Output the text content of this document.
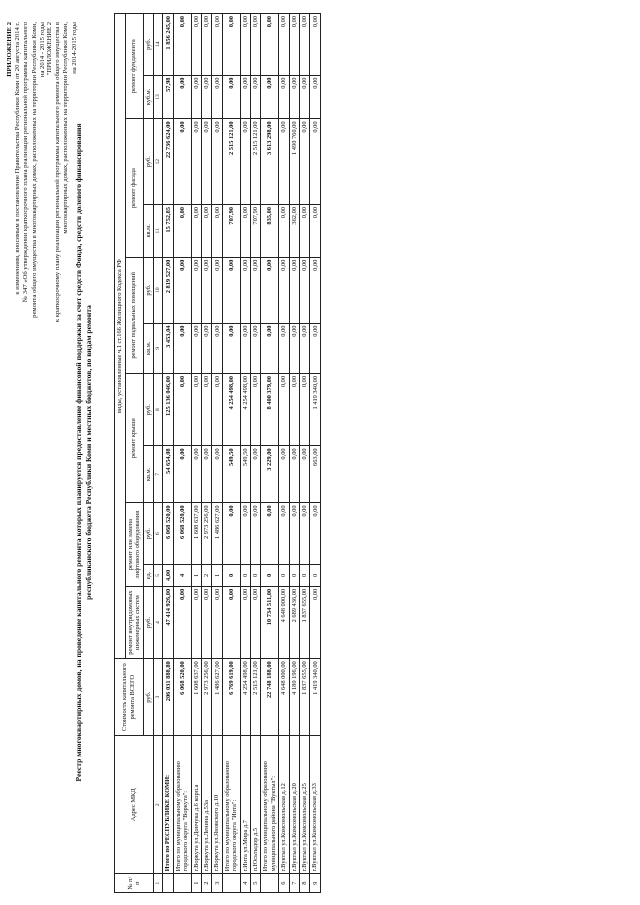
ПРИЛОЖЕНИЕ 2 к изменениям, вносимым в постановление Правительства Республики Коми от 20 августа 2014 г. № 347 «Об утверждении краткосрочного плана реализации региональной программы капитального ремонта общего имущества в многоквартирных домах, расположенных на территории Республики Коми, на 2014 - 2015 годы "ПРИЛОЖЕНИЕ 2 к краткосрочному плану реализации региональной программы капитального ремонта общего имущества в многоквартирных домах, расположенных на территории Республики Коми, на 2014-2015 годы
Реестр многоквартирных домов, на проведение капитального ремонта которых планируется предоставление финансовой поддержки за счет средств Фонда, средств долевого финансирования республиканского бюджета Республики Коми и местных бюджетов, по видам ремонта
№ п/п	Адрес МКД	Стоимость капитального ремонта ВСЕГО	виды, установленные ч.1 ст.166 Жилищного Кодекса РФ										
			ремонт внутридомовых инженерных систем	ремонт или замена лифтового оборудования		ремонт крыши		ремонт подвальных помещений		ремонт фасада		ремонт фундамента	
		руб.	руб.	ед.	руб.	кв.м.	руб.	кв.м.	руб.	кв.м.	руб.	куб.м.	руб.
1	2	3	4	5	6	7	8	9	10	11	12	13	14
	Итого по РЕСПУБЛИКЕ КОМИ:	206 031 888,80	47 414 926,00	4,00	6 068 520,00	54 654,08	125 136 046,00	3 453,04	2 819 527,00	15 752,85	22 736 624,00	57,98	1 856 245,00
	Итого по муниципальному образованию городского округа "Воркута":	6 068 520,00	0,00	4	6 068 520,00	0,00	0,00	0,00	0,00	0,00	0,00	0,00	0,00
1	г.Воркута ул.Дончука д.6 корп.а	1 608 637,00	0,00	1	1 608 637,00	0,00	0,00	0,00	0,00	0,00	0,00	0,00	0,00
2	г.Воркута ул.Ленина д.53а	2 973 256,00	0,00	2	2 973 256,00	0,00	0,00	0,00	0,00	0,00	0,00	0,00	0,00
3	г.Воркута ул.Яновского д.10	1 486 627,00	0,00	1	1 486 627,00	0,00	0,00	0,00	0,00	0,00	0,00	0,00	0,00
	Итого по муниципальному образованию городского округа "Инта":	6 769 619,00	0,00	0	0,00	549,50	4 254 498,00	0,00	0,00	707,90	2 515 121,00	0,00	0,00
4	г.Инта ул.Мира д.7	4 254 498,00	0,00	0	0,00	549,50	4 254 498,00	0,00	0,00	0,00	0,00	0,00	0,00
5	п.Юсьтыдор д.5	2 515 121,00	0,00	0	0,00	0,00	0,00	0,00	0,00	707,90	2 515 121,00	0,00	0,00
	Итого по муниципальному образованию муниципального района "Вуктыл":	22 748 188,00	10 734 511,00	0	0,00	3 229,00	8 400 379,00	0,00	0,00	835,00	3 613 298,00	0,00	0,00
6	г.Вуктыл ул.Комсомольская д.12	4 648 000,00	4 648 000,00	0	0,00	0,00	0,00	0,00	0,00	0,00	0,00	0,00	0,00
7	г.Вуктыл ул.Комсомольская д.20	4 180 196,00	2 689 436,00	0	0,00	0,00	0,00	0,00	0,00	362,00	1 490 760,00	0,00	0,00
8	г.Вуктыл ул.Комсомольская д.25	1 837 655,00	1 837 655,00	0	0,00	0,00	0,00	0,00	0,00	0,00	0,00	0,00	0,00
9	г.Вуктыл ул.Комсомольская д.33	1 419 340,00	0,00	0	0,00	663,00	1 419 340,00	0,00	0,00	0,00	0,00	0,00	0,00
